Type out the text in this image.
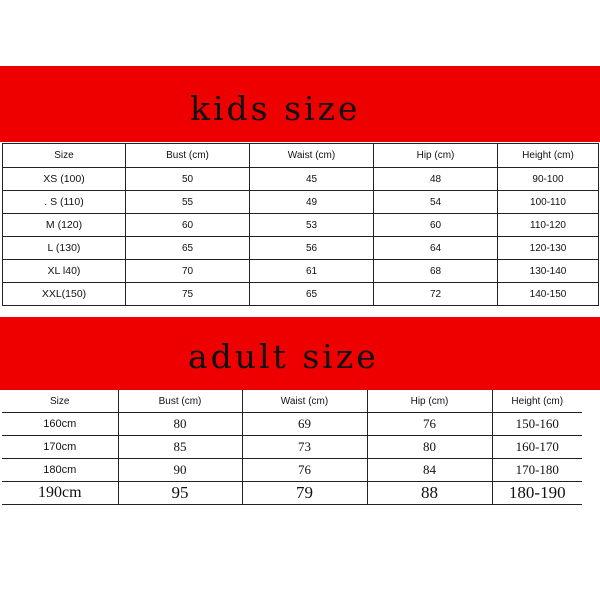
kids size
Size	Bust (cm)	Waist (cm)	Hip (cm)	Height (cm)
XS (100)	50	45	48	90-100
. S (110)	55	49	54	100-110
M (120)	60	53	60	110-120
L (130)	65	56	64	120-130
XL l40)	70	61	68	130-140
XXL(150)	75	65	72	140-150
adult size
Size	Bust (cm)	Waist (cm)	Hip (cm)	Height (cm)
160cm	80	69	76	150-160
170cm	85	73	80	160-170
180cm	90	76	84	170-180
190cm	95	79	88	180-190
